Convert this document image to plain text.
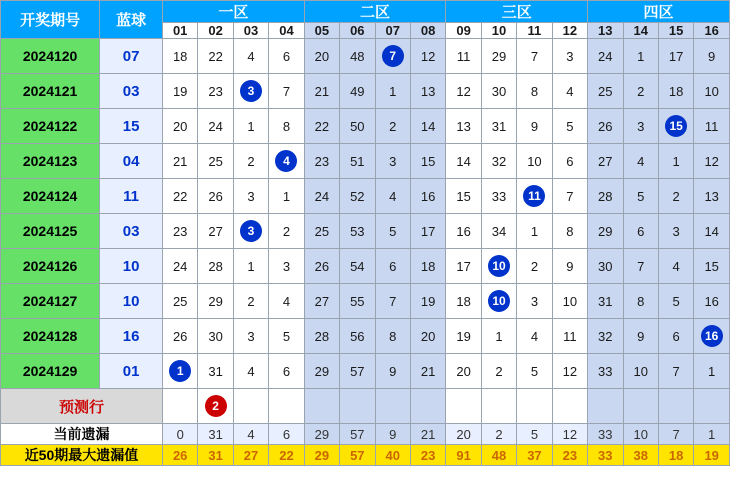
开奖期号	蓝球	一区				二区				三区				四区			
		01	02	03	04	05	06	07	08	09	10	11	12	13	14	15	16
2024120	07	18	22	4	6	20	48	7	12	11	29	7	3	24	1	17	9
2024121	03	19	23	3	7	21	49	1	13	12	30	8	4	25	2	18	10
2024122	15	20	24	1	8	22	50	2	14	13	31	9	5	26	3	15	11
2024123	04	21	25	2	4	23	51	3	15	14	32	10	6	27	4	1	12
2024124	11	22	26	3	1	24	52	4	16	15	33	11	7	28	5	2	13
2024125	03	23	27	3	2	25	53	5	17	16	34	1	8	29	6	3	14
2024126	10	24	28	1	3	26	54	6	18	17	10	2	9	30	7	4	15
2024127	10	25	29	2	4	27	55	7	19	18	10	3	10	31	8	5	16
2024128	16	26	30	3	5	28	56	8	20	19	1	4	11	32	9	6	16
2024129	01	1	31	4	6	29	57	9	21	20	2	5	12	33	10	7	1
预测行			2														
当前遗漏		0	31	4	6	29	57	9	21	20	2	5	12	33	10	7	1
近50期最大遗漏值		26	31	27	22	29	57	40	23	91	48	37	23	33	38	18	19
